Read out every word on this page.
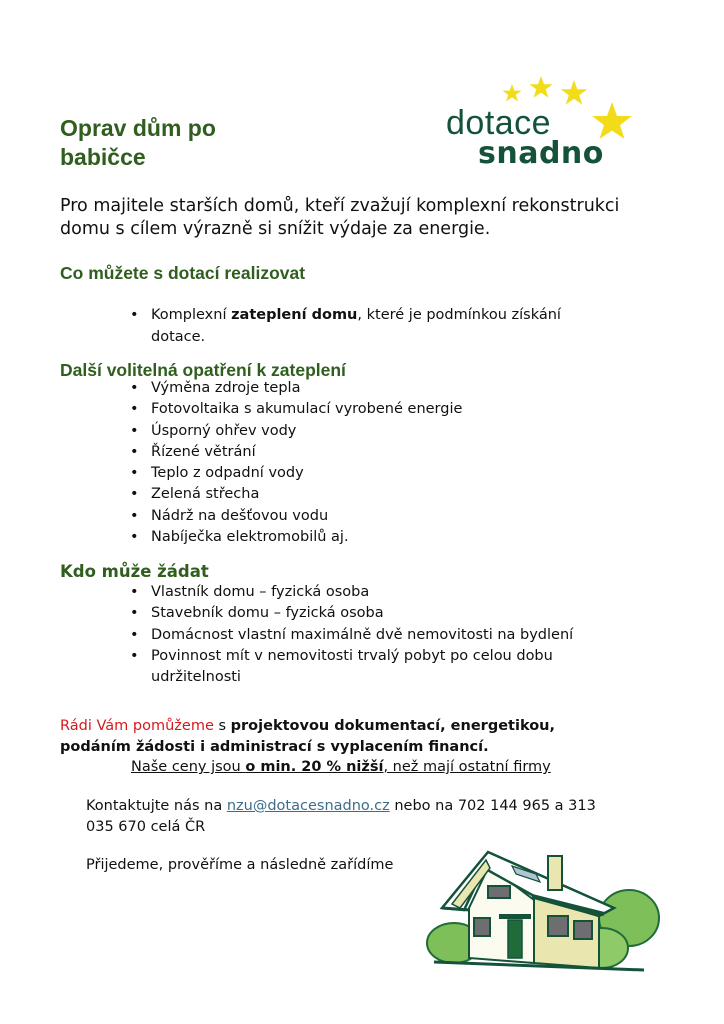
Oprav dům po
babičce
dotace
snadno

Pro majitele starších domů, kteří zvažují komplexní rekonstrukci domu s cílem výrazně si snížit výdaje za energie.

Co můžete s dotací realizovat
• Komplexní zateplení domu, které je podmínkou získání dotace.
Další volitelná opatření k zateplení
• Výměna zdroje tepla
• Fotovoltaika s akumulací vyrobené energie
• Úsporný ohřev vody
• Řízené větrání
• Teplo z odpadní vody
• Zelená střecha
• Nádrž na dešťovou vodu
• Nabíječka elektromobilů aj.
Kdo může žádat
• Vlastník domu – fyzická osoba
• Stavebník domu – fyzická osoba
• Domácnost vlastní maximálně dvě nemovitosti na bydlení
• Povinnost mít v nemovitosti trvalý pobyt po celou dobu udržitelnosti

Rádi Vám pomůžeme s projektovou dokumentací, energetikou, podáním žádosti i administrací s vyplacením financí.

Naše ceny jsou o min. 20 % nižší, než mají ostatní firmy

Kontaktujte nás na nzu@dotacesnadno.cz nebo na 702 144 965 a 313 035 670 celá ČR

Přijedeme, prověříme a následně zařídíme
